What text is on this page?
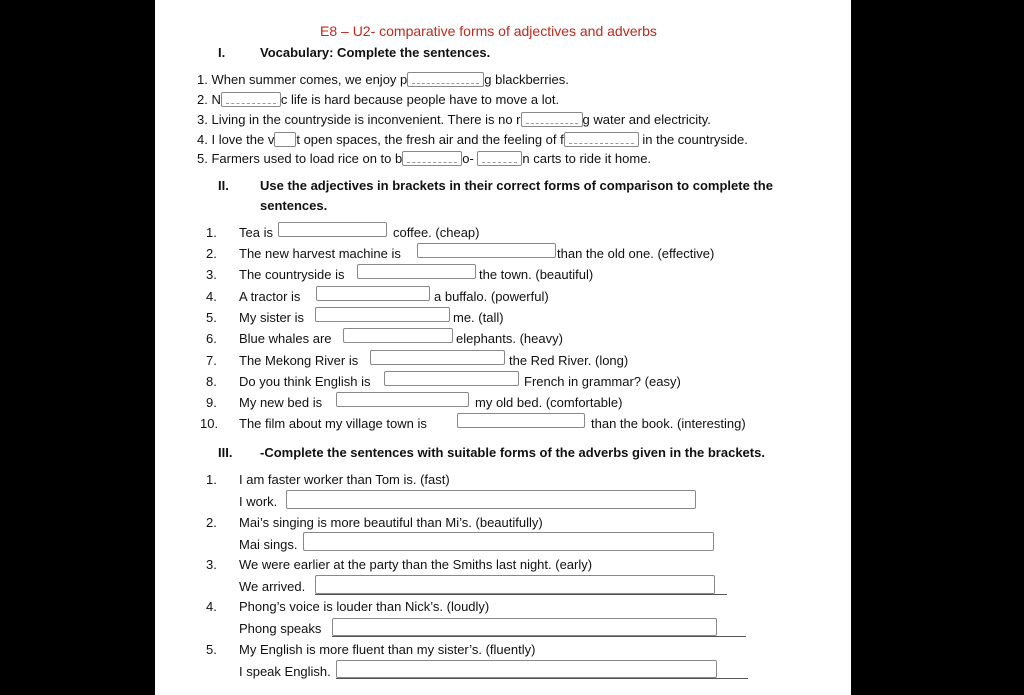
E8 – U2- comparative forms of adjectives and adverbs
I.	Vocabulary: Complete the sentences.
1. When summer comes, we enjoy p	g blackberries.
2. N	c life is hard because people have to move a lot.
3. Living in the countryside is inconvenient. There is no r	g water and electricity.
4. I love the v t open spaces, the fresh air and the feeling of f	in the countryside.
5. Farmers used to load rice on to b	o-	n carts to ride it home.
II. Use the adjectives in brackets in their correct forms of comparison to complete the
sentences.
1. Tea is	coffee. (cheap)
2. The new harvest machine is	than the old one. (effective)
3. The countryside is	the town. (beautiful)
4. A tractor is	a buffalo. (powerful)
5. My sister is	me. (tall)
6. Blue whales are	elephants. (heavy)
7. The Mekong River is	the Red River. (long)
8. Do you think English is	French in grammar? (easy)
9. My new bed is	my old bed. (comfortable)
10. The film about my village town is	than the book. (interesting)
III. -Complete the sentences with suitable forms of the adverbs given in the brackets.
1. I am faster worker than Tom is. (fast)
I work.
2. Mai’s singing is more beautiful than Mi’s. (beautifully)
Mai sings.
3. We were earlier at the party than the Smiths last night. (early)
We arrived.
4. Phong’s voice is louder than Nick’s. (loudly)
Phong speaks
5. My English is more fluent than my sister’s. (fluently)
I speak English.
